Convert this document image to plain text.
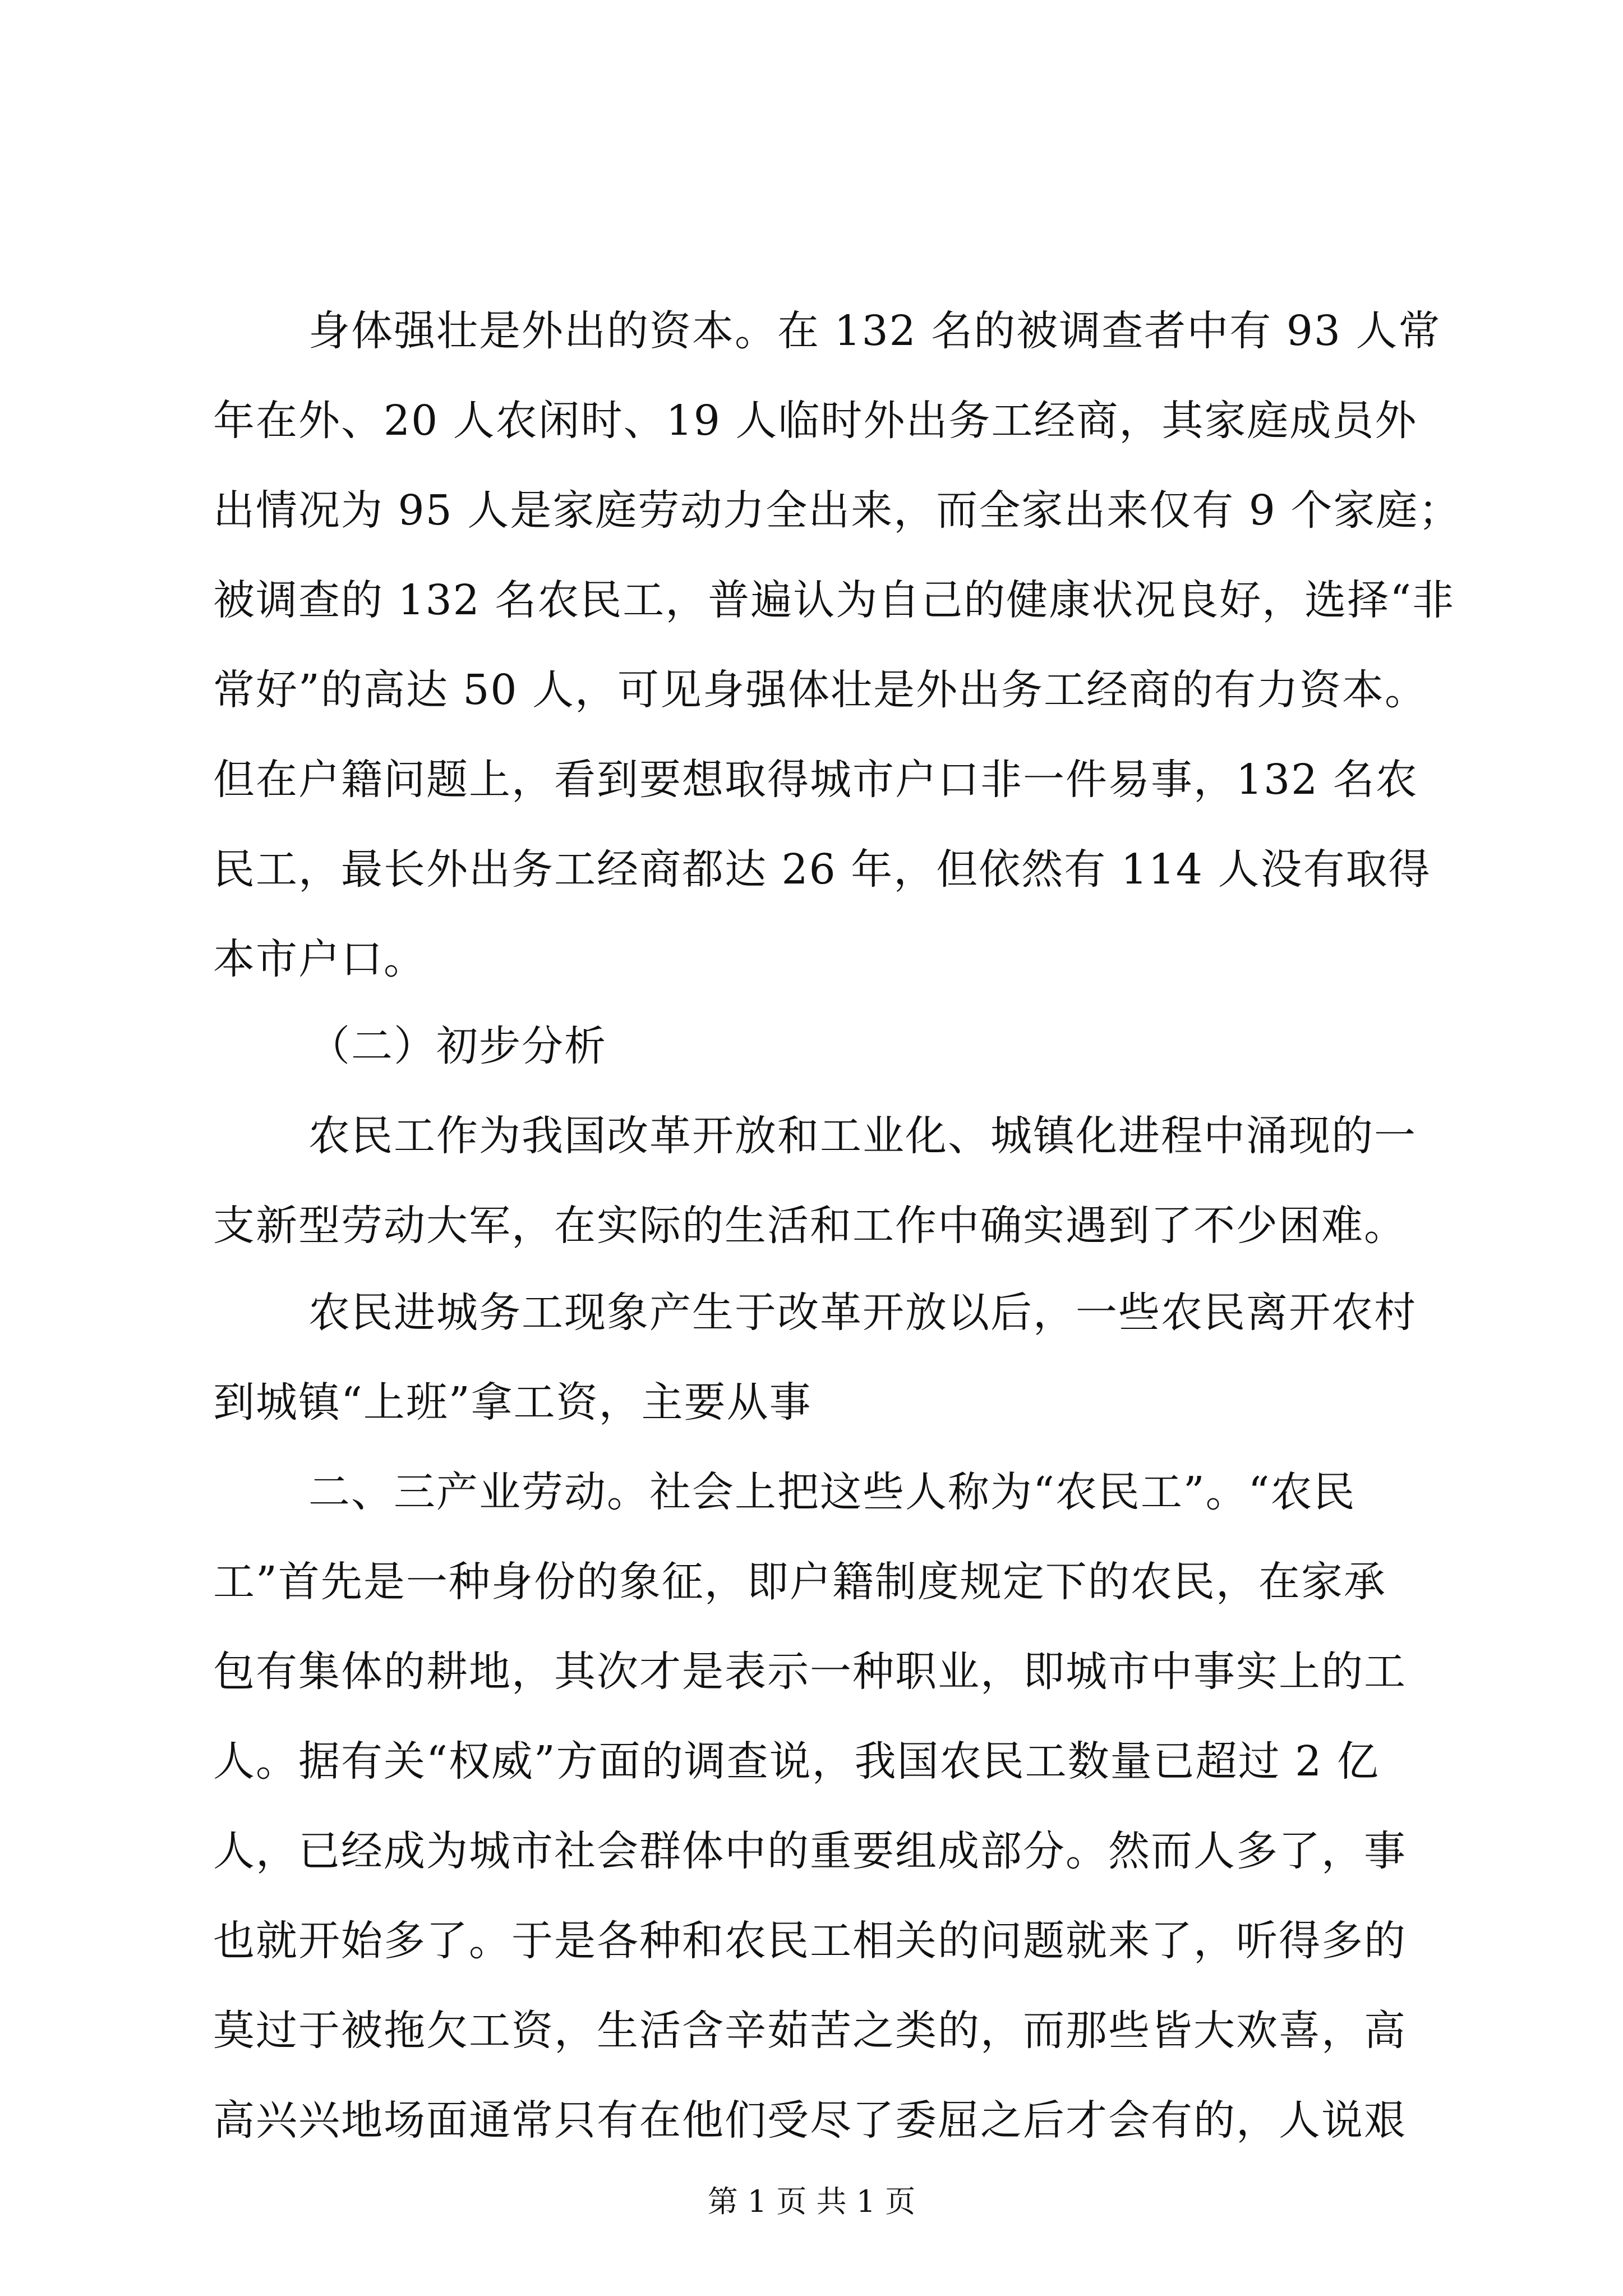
身体强壮是外出的资本。在 132 名的被调查者中有 93 人常
年在外、20 人农闲时、19 人临时外出务工经商，其家庭成员外
出情况为 95 人是家庭劳动力全出来，而全家出来仅有 9 个家庭；
被调查的 132 名农民工，普遍认为自己的健康状况良好，选择“非
常好”的高达 50 人，可见身强体壮是外出务工经商的有力资本。
但在户籍问题上，看到要想取得城市户口非一件易事，132 名农
民工，最长外出务工经商都达 26 年，但依然有 114 人没有取得
本市户口。
（二）初步分析
农民工作为我国改革开放和工业化、城镇化进程中涌现的一
支新型劳动大军，在实际的生活和工作中确实遇到了不少困难。
农民进城务工现象产生于改革开放以后，一些农民离开农村
到城镇“上班”拿工资，主要从事
二、三产业劳动。社会上把这些人称为“农民工”。“农民
工”首先是一种身份的象征，即户籍制度规定下的农民，在家承
包有集体的耕地，其次才是表示一种职业，即城市中事实上的工
人。据有关“权威”方面的调查说，我国农民工数量已超过 2 亿
人，已经成为城市社会群体中的重要组成部分。然而人多了，事
也就开始多了。于是各种和农民工相关的问题就来了，听得多的
莫过于被拖欠工资，生活含辛茹苦之类的，而那些皆大欢喜，高
高兴兴地场面通常只有在他们受尽了委屈之后才会有的，人说艰
第 1 页 共 1 页
